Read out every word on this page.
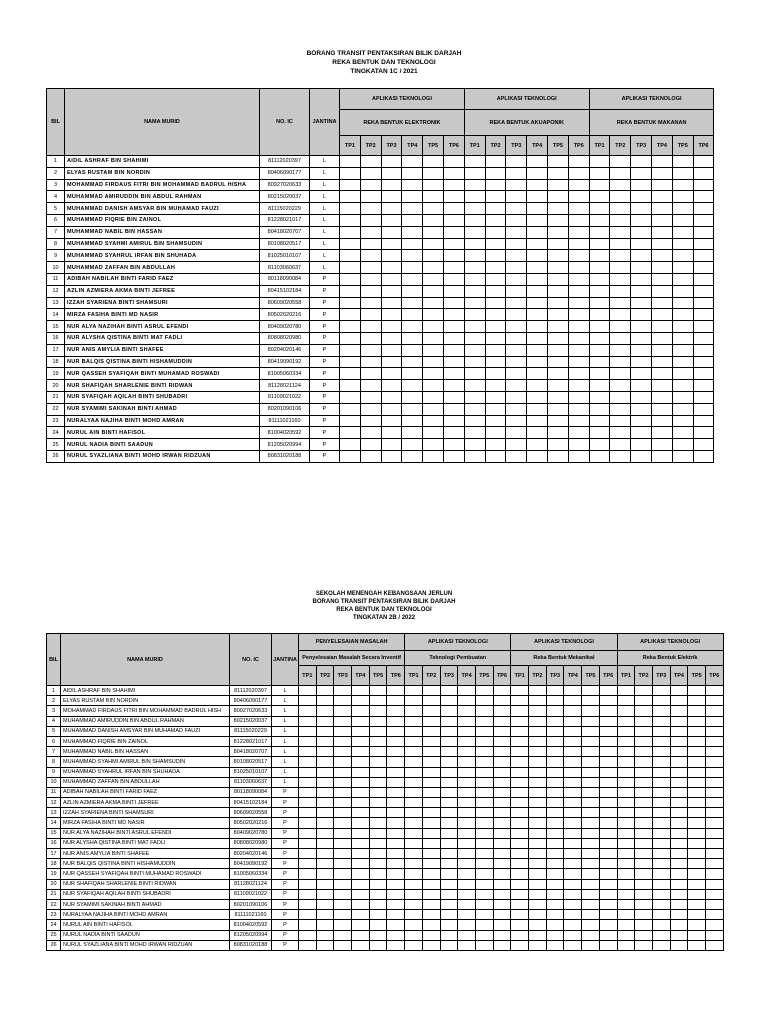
BORANG TRANSIT PENTAKSIRAN BILIK DARJAH
REKA BENTUK DAN TEKNOLOGI
TINGKATAN 1C / 2021
BIL	NAMA MURID	NO. IC	JANTINA	APLIKASI TEKNOLOGI						APLIKASI TEKNOLOGI						APLIKASI TEKNOLOGI					
				REKA BENTUK ELEKTRONIK						REKA BENTUK AKUAPONIK						REKA BENTUK MAKANAN					
				TP1	TP2	TP3	TP4	TP5	TP6	TP1	TP2	TP3	TP4	TP5	TP6	TP1	TP2	TP3	TP4	TP5	TP6
1	AIDIL ASHRAF BIN SHAHIMI	81112020397	L																		
2	ELYAS RUSTAM BIN NORDIN	80406090177	L																		
3	MOHAMMAD FIRDAUS FITRI BIN MOHAMMAD BADRUL HISHA	80927020633	L																		
4	MUHAMMAD AMIRUDDIN BIN ABDUL RAHMAN	80215020037	L																		
5	MUHAMMAD DANISH AMSYAR BIN MUHAMAD FAUZI	81115020229	L																		
6	MUHAMMAD FIQRIE BIN ZAINOL	81228021017	L																		
7	MUHAMMAD NABIL BIN HASSAN	80418020707	L																		
8	MUHAMMAD SYAHMI AMIRUL BIN SHAMSUDIN	80108020517	L																		
9	MUHAMMAD SYAHRUL IRFAN BIN SHUHADA	81025010107	L																		
10	MUHAMMAD ZAFFAN BIN ABDULLAH	81103060637	L																		
11	ADIBAH NABILAH BINTI FARID FAEZ	80118090084	P																		
12	AZLIN AZMIERA AKMA BINTI JEFREE	80415102184	P																		
13	IZZAH SYARIENA BINTI SHAMSURI	80609020558	P																		
14	MIRZA FASIHA BINTI MD NASIR	80502020216	P																		
15	NUR ALYA NAZIHAH BINTI ASRUL EFENDI	80409020780	P																		
16	NUR ALYSHA QISTINA BINTI MAT FADLI	80808020980	P																		
17	NUR ANIS AMYLIA BINTI SHAFEE	80204020146	P																		
18	NUR BALQIS QISTINA BINTI HISHAMUDDIN	80419090192	P																		
19	NUR QASSEH SYAFIQAH BINTI MUHAMAD ROSWADI	81005060334	P																		
20	NUR SHAFIQAH SHARLENIE BINTI RIDWAN	81128021124	P																		
21	NUR SYAFIQAH AQILAH BINTI SHUBADRI	81109021022	P																		
22	NUR SYAMIMI SAKINAH BINTI AHMAD	80201090106	P																		
23	NURALYAA NAJIHA BINTI MOHD AMRAN	81111021160	P																		
24	NURUL AIN BINTI HAFISOL	81004020592	P																		
25	NURUL NADIA BINTI SAADUN	81205020994	P																		
26	NURUL SYAZLIANA BINTI MOHD IRWAN RIDZUAN	80831020188	P																		
SEKOLAH MENENGAH KEBANGSAAN JERLUN
BORANG TRANSIT PENTAKSIRAN BILIK DARJAH
REKA BENTUK DAN TEKNOLOGI
TINGKATAN 2B / 2022
BIL	NAMA MURID	NO. IC	JANTINA	PENYELESAIAN MASALAH						APLIKASI TEKNOLOGI						APLIKASI TEKNOLOGI						APLIKASI TEKNOLOGI					
				Penyelesaian Masalah Secara Inventif						Teknologi Pembuatan						Reka Bentuk Mekanikal						Reka Bentuk Elektrik					
				TP1	TP2	TP3	TP4	TP5	TP6	TP1	TP2	TP3	TP4	TP5	TP6	TP1	TP2	TP3	TP4	TP5	TP6	TP1	TP2	TP3	TP4	TP5	TP6
1	AIDIL ASHRAF BIN SHAHIMI	81112020397	L																								
2	ELYAS RUSTAM BIN NORDIN	80406090177	L																								
3	MOHAMMAD FIRDAUS FITRI BIN MOHAMMAD BADRUL HISH	80927020633	L																								
4	MUHAMMAD AMIRUDDIN BIN ABDUL RAHMAN	80215020037	L																								
5	MUHAMMAD DANISH AMSYAR BIN MUHAMAD FAUZI	81115020229	L																								
6	MUHAMMAD FIQRIE BIN ZAINOL	81228021017	L																								
7	MUHAMMAD NABIL BIN HASSAN	80418020707	L																								
8	MUHAMMAD SYAHMI AMIRUL BIN SHAMSUDIN	80108020517	L																								
9	MUHAMMAD SYAHRUL IRFAN BIN SHUHADA	81025010107	L																								
10	MUHAMMAD ZAFFAN BIN ABDULLAH	81103060637	L																								
11	ADIBAH NABILAH BINTI FARID FAEZ	80118090084	P																								
12	AZLIN AZMIERA AKMA BINTI JEFREE	80415102184	P																								
13	IZZAH SYARIENA BINTI SHAMSURI	80609020558	P																								
14	MIRZA FASIHA BINTI MD NASIR	80502020216	P																								
15	NUR ALYA NAZIHAH BINTI ASRUL EFENDI	80409020780	P																								
16	NUR ALYSHA QISTINA BINTI MAT FADLI	80808020980	P																								
17	NUR ANIS AMYLIA BINTI SHAFEE	80204020146	P																								
18	NUR BALQIS QISTINA BINTI HISHAMUDDIN	80419090192	P																								
19	NUR QASSEH SYAFIQAH BINTI MUHAMAD ROSWADI	81005060334	P																								
20	NUR SHAFIQAH SHARLENIE BINTI RIDWAN	81128021124	P																								
21	NUR SYAFIQAH AQILAH BINTI SHUBADRI	81109021022	P																								
22	NUR SYAMIMI SAKINAH BINTI AHMAD	80201090106	P																								
23	NURALYAA NAJIHA BINTI MOHD AMRAN	81111021160	P																								
24	NURUL AIN BINTI HAFISOL	81004020592	P																								
25	NURUL NADIA BINTI SAADUN	81205020994	P																								
26	NURUL SYAZLIANA BINTI MOHD IRWAN RIDZUAN	80831020188	P																								
